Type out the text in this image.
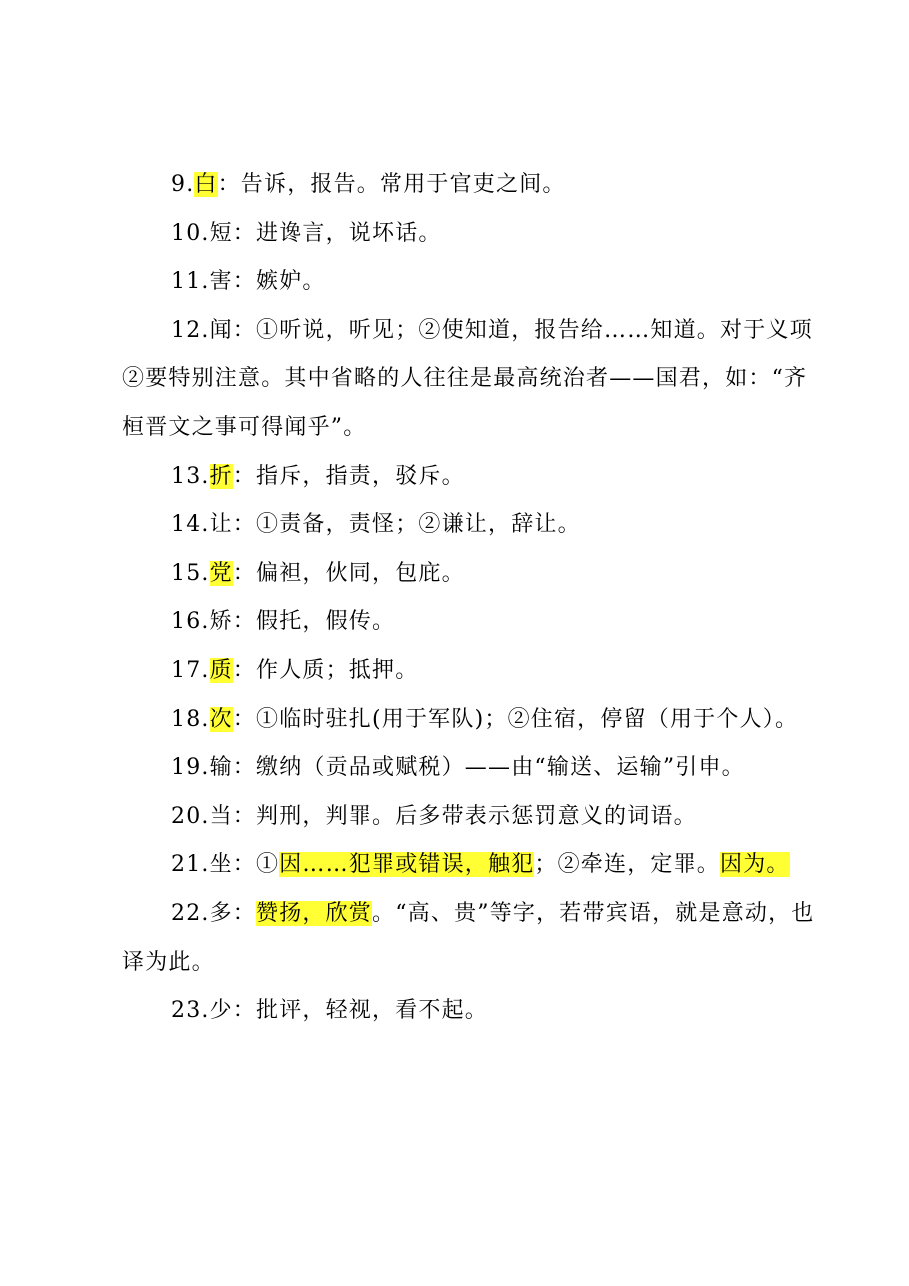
9.白：告诉，报告。常用于官吏之间。
10.短：进谗言，说坏话。
11.害：嫉妒。
12.闻：①听说，听见；②使知道，报告给……知道。对于义项②要特别注意。其中省略的人往往是最高统治者——国君，如：“齐桓晋文之事可得闻乎”。
13.折：指斥，指责，驳斥。
14.让：①责备，责怪；②谦让，辞让。
15.党：偏袒，伙同，包庇。
16.矫：假托，假传。
17.质：作人质；抵押。
18.次：①临时驻扎(用于军队)；②住宿，停留（用于个人）。
19.输：缴纳（贡品或赋税）——由“输送、运输”引申。
20.当：判刑，判罪。后多带表示惩罚意义的词语。
21.坐：①因……犯罪或错误，触犯；②牵连，定罪。因为。
22.多：赞扬，欣赏。“高、贵”等字，若带宾语，就是意动，也译为此。
23.少：批评，轻视，看不起。
